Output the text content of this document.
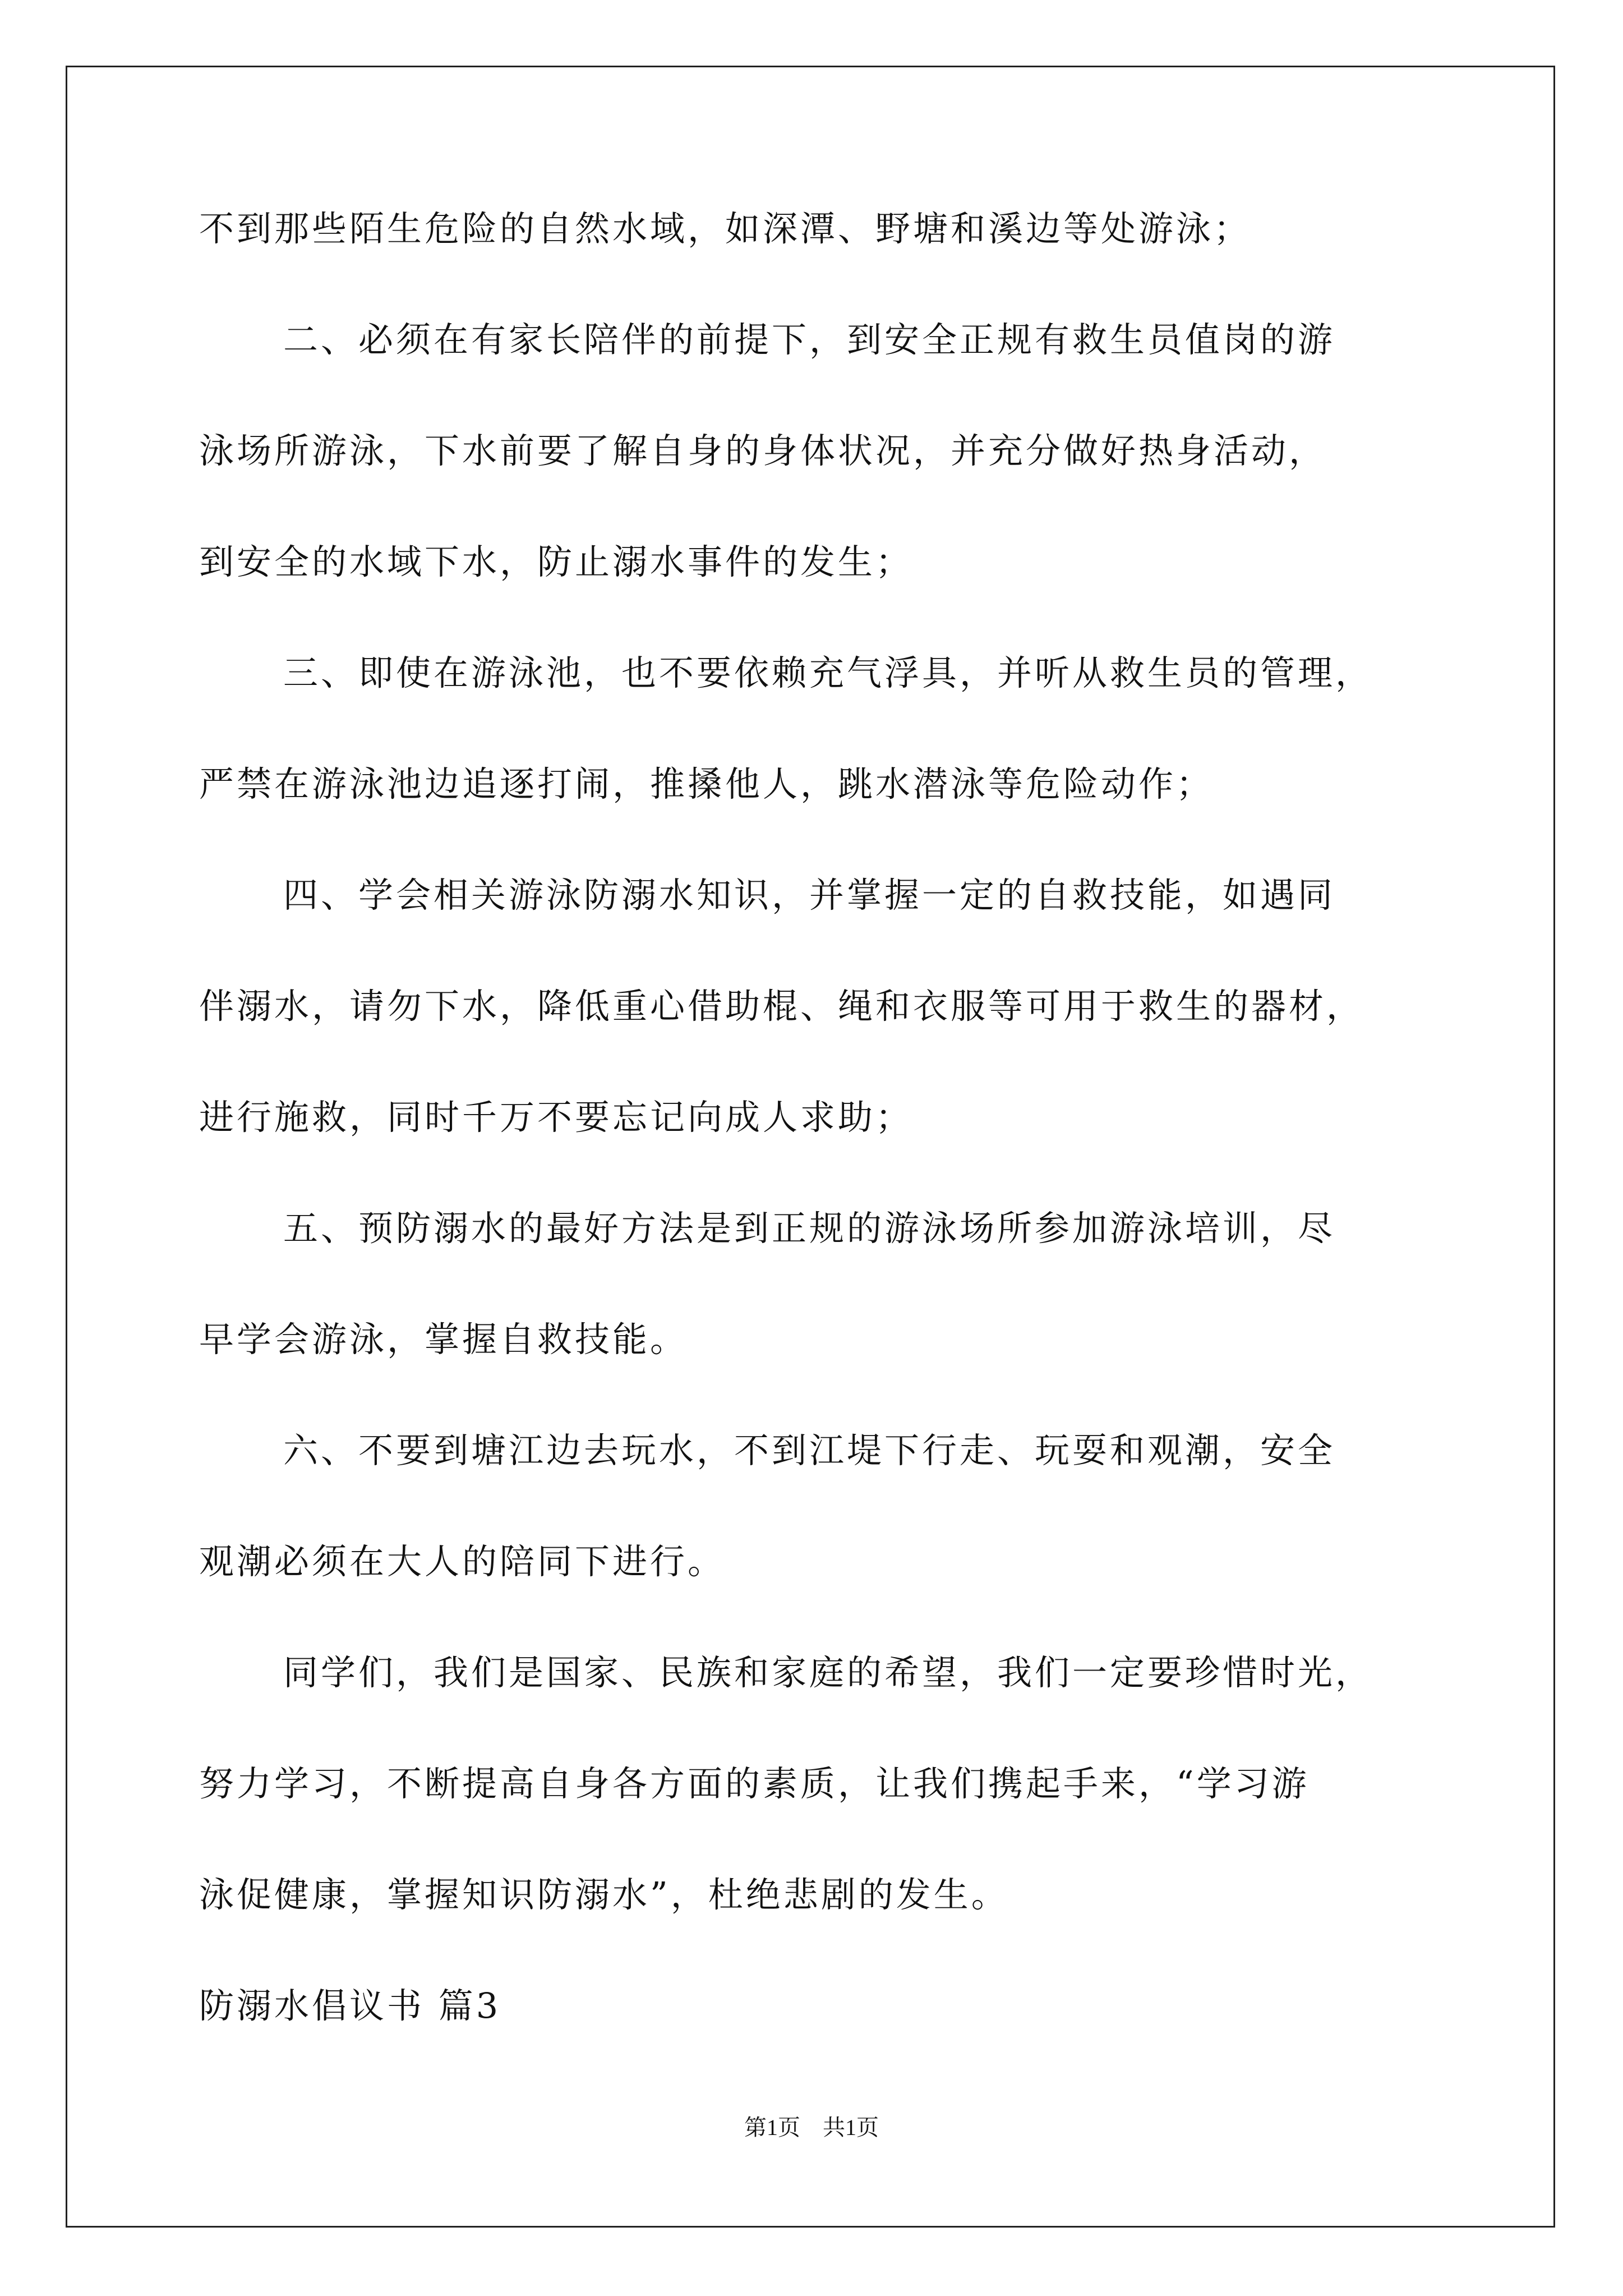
不到那些陌生危险的自然水域，如深潭、野塘和溪边等处游泳；

二、必须在有家长陪伴的前提下，到安全正规有救生员值岗的游

泳场所游泳，下水前要了解自身的身体状况，并充分做好热身活动，

到安全的水域下水，防止溺水事件的发生；

三、即使在游泳池，也不要依赖充气浮具，并听从救生员的管理，

严禁在游泳池边追逐打闹，推搡他人，跳水潜泳等危险动作；

四、学会相关游泳防溺水知识，并掌握一定的自救技能，如遇同

伴溺水，请勿下水，降低重心借助棍、绳和衣服等可用于救生的器材，

进行施救，同时千万不要忘记向成人求助；

五、预防溺水的最好方法是到正规的游泳场所参加游泳培训，尽

早学会游泳，掌握自救技能。

六、不要到塘江边去玩水，不到江堤下行走、玩耍和观潮，安全

观潮必须在大人的陪同下进行。

同学们，我们是国家、民族和家庭的希望，我们一定要珍惜时光，

努力学习，不断提高自身各方面的素质，让我们携起手来，“学习游

泳促健康，掌握知识防溺水”，杜绝悲剧的发生。

防溺水倡议书 篇3

第1页　共1页
